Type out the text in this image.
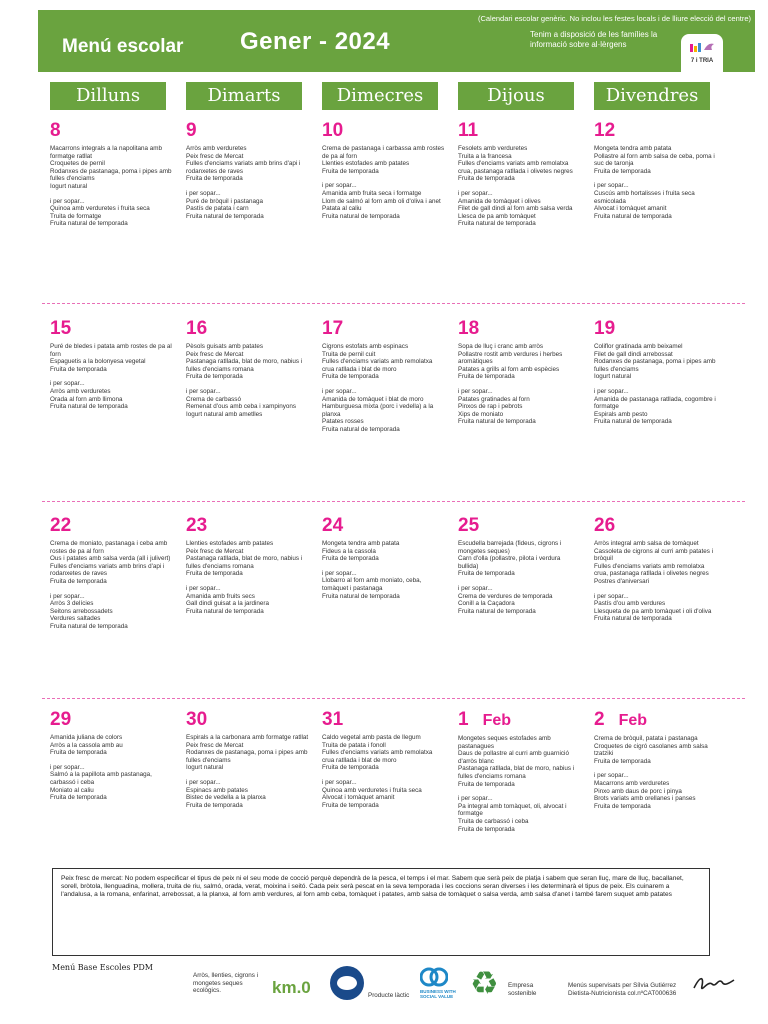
(Calendari escolar genèric. No inclou les festes locals i de lliure elecció del centre)
Menú escolar Gener - 2024	Tenim a disposició de les famílies la informació sobre al·lèrgens
7 i TRIA
Dilluns	Dimarts	Dimecres	Dijous	Divendres
8
Macarrons integrals a la napolitana amb formatge ratllat
Croquetes de pernil
Rodanxes de pastanaga, poma i pipes amb fulles d'enciams
Iogurt natural
i per sopar...
Quinoa amb verduretes i fruita seca
Truita de formatge
Fruita natural de temporada
9
Arròs amb verduretes
Peix fresc de Mercat
Fulles d'enciams variats amb brins d'api i rodanxetes de raves
Fruita de temporada
i per sopar...
Puré de bròquil i pastanaga
Pastís de patata i carn
Fruita natural de temporada
10
Crema de pastanaga i carbassa amb rostes de pa al forn
Llenties estofades amb patates
Fruita de temporada
i per sopar...
Amanida amb fruita seca i formatge
Llom de salmó al forn amb oli d'oliva i anet
Patata al caliu
Fruita natural de temporada
11
Fesolets amb verduretes
Truita a la francesa
Fulles d'enciams variats amb remolatxa crua, pastanaga ratllada i olivetes negres
Fruita de temporada
i per sopar...
Amanida de tomàquet i olives
Filet de gall dindi al forn amb salsa verda
Llesca de pa amb tomàquet
Fruita natural de temporada
12
Mongeta tendra amb patata
Pollastre al forn amb salsa de ceba, poma i suc de taronja
Fruita de temporada
i per sopar...
Cuscús amb hortalisses i fruita seca esmicolada
Alvocat i tomàquet amanit
Fruita natural de temporada
15
Puré de bledes i patata amb rostes de pa al forn
Espaguetis a la bolonyesa vegetal
Fruita de temporada
i per sopar...
Arròs amb verduretes
Orada al forn amb llimona
Fruita natural de temporada
16
Pèsols guisats amb patates
Peix fresc de Mercat
Pastanaga ratllada, blat de moro, nabius i fulles d'enciams romana
Fruita de temporada
i per sopar...
Crema de carbassó
Remenat d'ous amb ceba i xampinyons
Iogurt natural amb ametlles
17
Cigrons estofats amb espinacs
Truita de pernil cuit
Fulles d'enciams variats amb remolatxa crua ratllada i blat de moro
Fruita de temporada
i per sopar...
Amanida de tomàquet i blat de moro
Hamburguesa mixta (porc i vedella) a la planxa
Patates rosses
Fruita natural de temporada
18
Sopa de lluç i cranc amb arròs
Pollastre rostit amb verdures i herbes aromàtiques
Patates a grills al forn amb espècies
Fruita de temporada
i per sopar...
Patates gratinades al forn
Pinxos de rap i pebrots
Xips de moniato
Fruita natural de temporada
19
Coliflor gratinada amb beixamel
Filet de gall dindi arrebossat
Rodanxes de pastanaga, poma i pipes amb fulles d'enciams
Iogurt natural
i per sopar...
Amanida de pastanaga ratllada, cogombre i formatge
Espirals amb pesto
Fruita natural de temporada
22
Crema de moniato, pastanaga i ceba amb rostes de pa al forn
Ous i patates amb salsa verda (all i julivert)
Fulles d'enciams variats amb brins d'api i rodanxetes de raves
Fruita de temporada
i per sopar...
Arròs 3 delícies
Seitons arrebossadets
Verdures saltades
Fruita natural de temporada
23
Llenties estofades amb patates
Peix fresc de Mercat
Pastanaga ratllada, blat de moro, nabius i fulles d'enciams romana
Fruita de temporada
i per sopar...
Amanida amb fruits secs
Gall dindi guisat a la jardinera
Fruita natural de temporada
24
Mongeta tendra amb patata
Fideus a la cassola
Fruita de temporada
i per sopar...
Llobarro al forn amb moniato, ceba, tomàquet i pastanaga
Fruita natural de temporada
25
Escudella barrejada (fideus, cigrons i mongetes seques)
Carn d'olla (pollastre, pilota i verdura bullida)
Fruita de temporada
i per sopar...
Crema de verdures de temporada
Conill a la Caçadora
Fruita natural de temporada
26
Arròs integral amb salsa de tomàquet
Cassoleta de cigrons al curri amb patates i bròquil
Fulles d'enciams variats amb remolatxa crua, pastanaga ratllada i olivetes negres
Postres d'aniversari
i per sopar...
Pastís d'ou amb verdures
Llesqueta de pa amb tomàquet i oli d'oliva
Fruita natural de temporada
29
Amanida juliana de colors
Arròs a la cassola amb au
Fruita de temporada
i per sopar...
Salmó a la papillota amb pastanaga, carbassó i ceba
Moniato al caliu
Fruita de temporada
30
Espirals a la carbonara amb formatge ratllat
Peix fresc de Mercat
Rodanxes de pastanaga, poma i pipes amb fulles d'enciams
Iogurt natural
i per sopar...
Espinacs amb patates
Bistec de vedella a la planxa
Fruita de temporada
31
Caldo vegetal amb pasta de llegum
Truita de patata i fonoll
Fulles d'enciams variats amb remolatxa crua ratllada i blat de moro
Fruita de temporada
i per sopar...
Quinoa amb verduretes i fruita seca
Alvocat i tomàquet amanit
Fruita de temporada
1 Feb
Mongetes seques estofades amb pastanagues
Daus de pollastre al curri amb guarnició d'arròs blanc
Pastanaga ratllada, blat de moro, nabius i fulles d'enciams romana
Fruita de temporada
i per sopar...
Pa integral amb tomàquet, oli, alvocat i formatge
Truita de carbassó i ceba
Fruita de temporada
2 Feb
Crema de bròquil, patata i pastanaga
Croquetes de cigró casolanes amb salsa tzatziki
Fruita de temporada
i per sopar...
Macarrons amb verduretes
Pinxo amb daus de porc i pinya
Brots variats amb orellanes i panses
Fruita de temporada
Peix fresc de mercat: No podem especificar el tipus de peix ni el seu mode de cocció perquè dependrà de la pesca, el temps i el mar. Sabem que serà peix de platja i sabem que seran lluç, mare de lluç, bacallanet, sorell, bròtola, llenguadina, mollera, truita de riu, salmó, orada, verat, moixina i seitó. Cada peix serà pescat en la seva temporada i les coccions seran diverses i les determinarà el tipus de peix. Els cuinarem a l'andalusa, a la romana, enfarinat, arrebossat, a la planxa, al forn amb verdures, al forn amb ceba, tomàquet i patates, amb salsa de tomàquet o salsa verda, amb salsa d'anet i també farem suquet amb patates
Menú Base Escoles PDM
Arròs, llenties, cigrons i mongetes seques ecològics.	km.0	Producte làctic
BUSINESS WITH SOCIAL VALUE ♻ Empresa sostenible
Menús supervisats per Sílvia Gutiérrez Dietista-Nutricionista col.nºCAT000636
